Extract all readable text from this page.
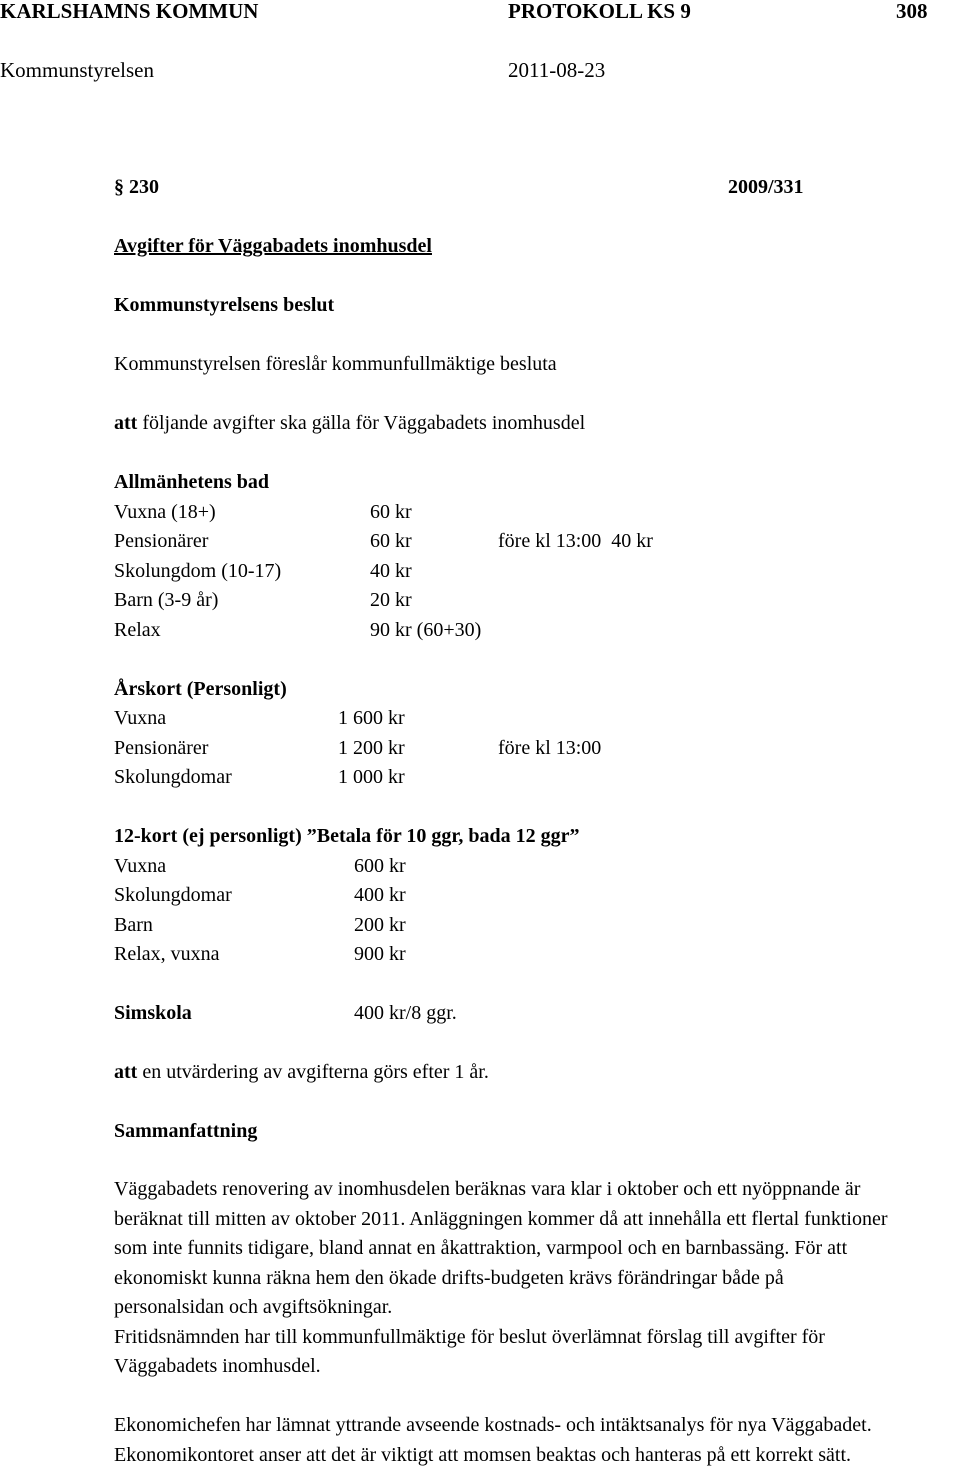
KARLSHAMNS KOMMUN	PROTOKOLL KS 9	308
Kommunstyrelsen	2011-08-23
§ 230	2009/331
Avgifter för Väggabadets inomhusdel
Kommunstyrelsens beslut
Kommunstyrelsen föreslår kommunfullmäktige besluta
att följande avgifter ska gälla för Väggabadets inomhusdel
Allmänhetens bad
Vuxna (18+)	60 kr
Pensionärer	60 kr	före kl 13:00  40 kr
Skolungdom (10-17)	40 kr
Barn (3-9 år)	20 kr
Relax	90 kr (60+30)
Årskort (Personligt)
Vuxna	1 600 kr
Pensionärer	1 200 kr	före kl 13:00
Skolungdomar	1 000 kr
12-kort (ej personligt) ”Betala för 10 ggr, bada 12 ggr”
Vuxna	600 kr
Skolungdomar	400 kr
Barn	200 kr
Relax, vuxna	900 kr
Simskola	400 kr/8 ggr.
att en utvärdering av avgifterna görs efter 1 år.
Sammanfattning

Väggabadets renovering av inomhusdelen beräknas vara klar i oktober och ett nyöppnande är

beräknat till mitten av oktober 2011. Anläggningen kommer då att innehålla ett flertal funktioner

som inte funnits tidigare, bland annat en åkattraktion, varmpool och en barnbassäng. För att

ekonomiskt kunna räkna hem den ökade drifts-budgeten krävs förändringar både på

personalsidan och avgiftsökningar.

Fritidsnämnden har till kommunfullmäktige för beslut överlämnat förslag till avgifter för

Väggabadets inomhusdel.

Ekonomichefen har lämnat yttrande avseende kostnads- och intäktsanalys för nya Väggabadet.

Ekonomikontoret anser att det är viktigt att momsen beaktas och hanteras på ett korrekt sätt.
